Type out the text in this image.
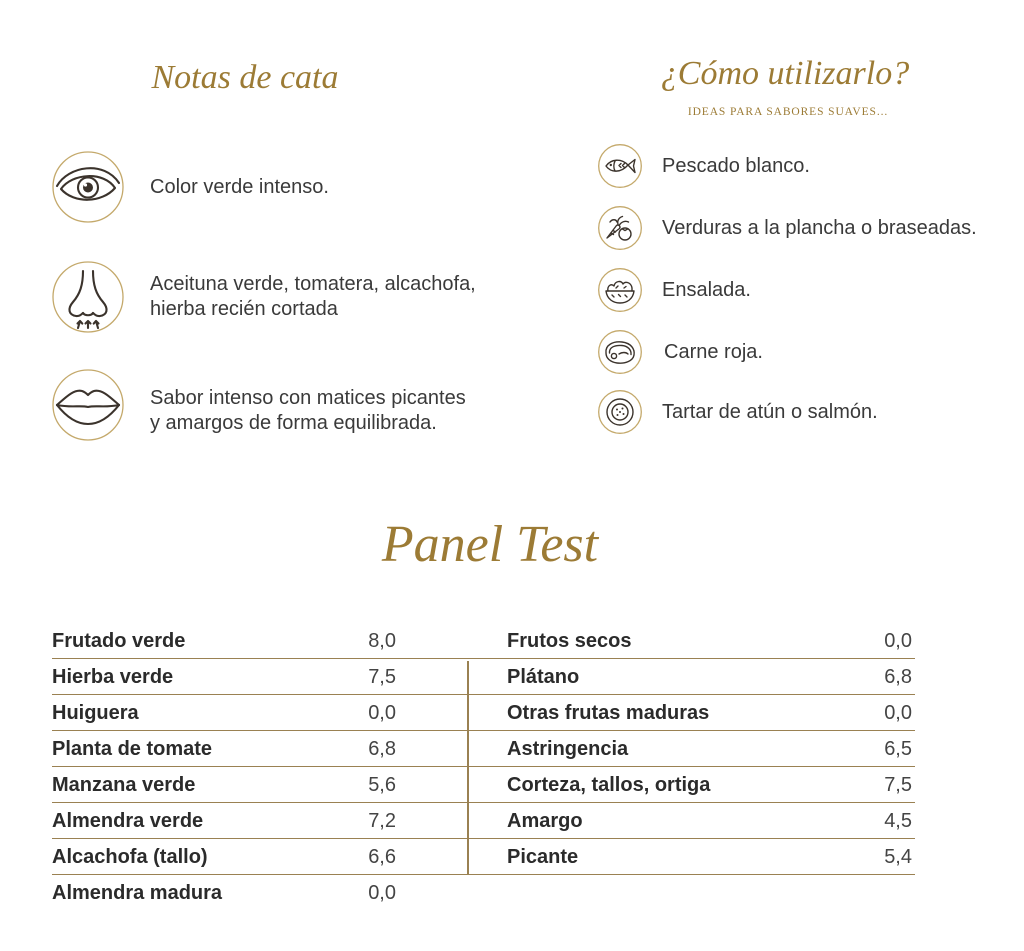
Notas de cata
Color verde intenso.
Aceituna verde, tomatera, alcachofa,
hierba recién cortada
Sabor intenso con matices picantes
y amargos de forma equilibrada.
¿Cómo utilizarlo?
IDEAS PARA SABORES SUAVES...
Pescado blanco.
Verduras a la plancha o braseadas.
Ensalada.
Carne roja.
Tartar de atún o salmón.
Panel Test
Frutado verde	8,0
Hierba verde	7,5
Huiguera	0,0
Planta de tomate	6,8
Manzana verde	5,6
Almendra verde	7,2
Alcachofa (tallo)	6,6
Almendra madura	0,0
Frutos secos	0,0
Plátano	6,8
Otras frutas maduras	0,0
Astringencia	6,5
Corteza, tallos, ortiga	7,5
Amargo	4,5
Picante	5,4
